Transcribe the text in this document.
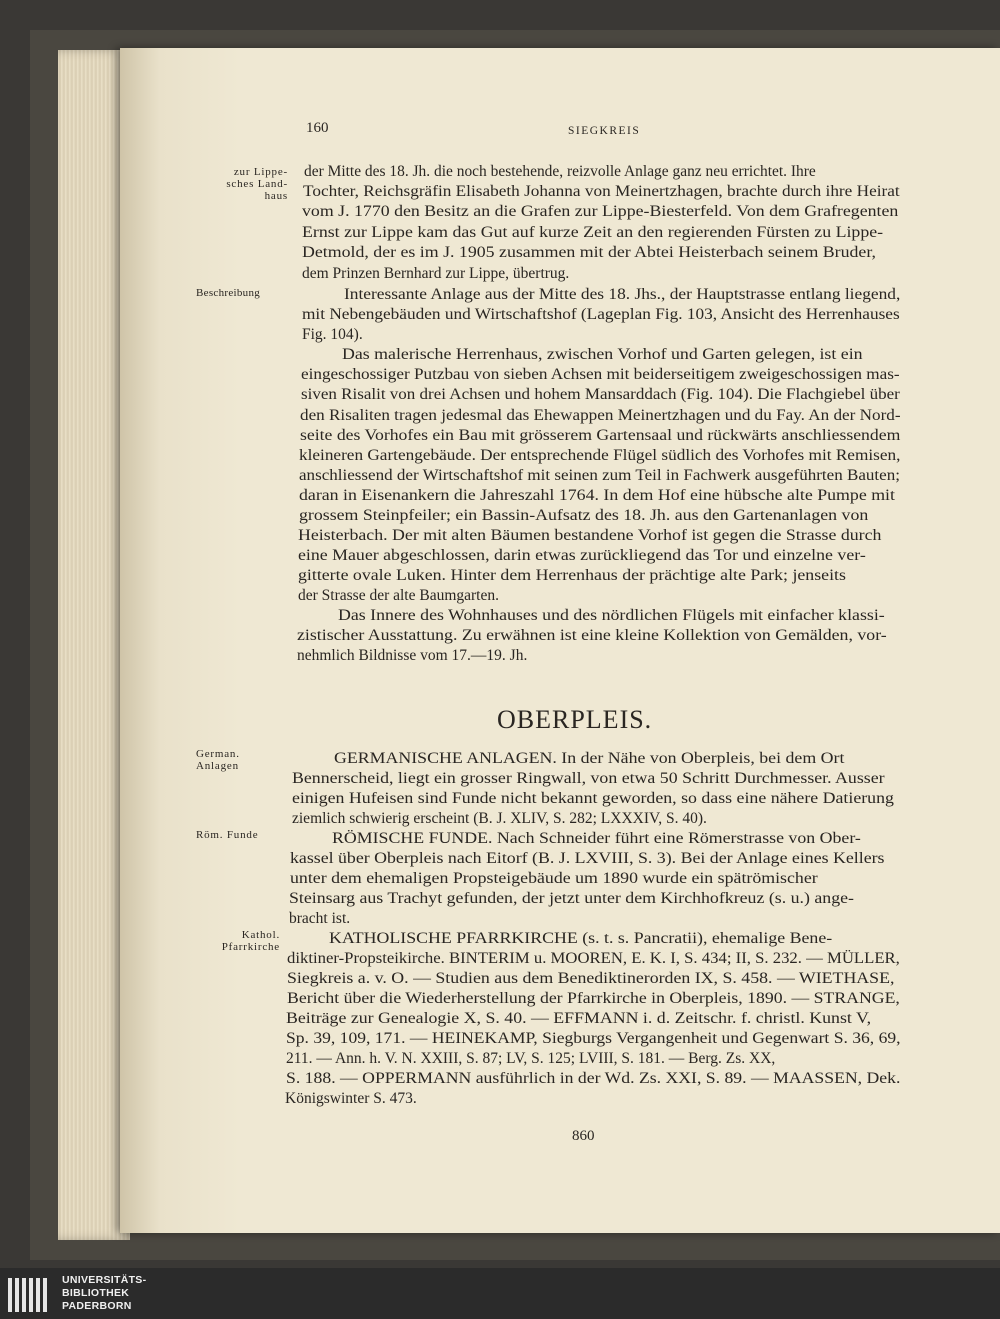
160	SIEGKREIS
zur Lippe-
sches Land-
haus
Beschreibung
German.
Anlagen
Röm. Funde
Kathol.
Pfarrkirche
der Mitte des 18. Jh. die noch bestehende, reizvolle Anlage ganz neu errichtet. Ihre
Tochter, Reichsgräfin Elisabeth Johanna von Meinertzhagen, brachte durch ihre Heirat
vom J. 1770 den Besitz an die Grafen zur Lippe-Biesterfeld. Von dem Grafregenten
Ernst zur Lippe kam das Gut auf kurze Zeit an den regierenden Fürsten zu Lippe-
Detmold, der es im J. 1905 zusammen mit der Abtei Heisterbach seinem Bruder,
dem Prinzen Bernhard zur Lippe, übertrug.
Interessante Anlage aus der Mitte des 18. Jhs., der Hauptstrasse entlang liegend,
mit Nebengebäuden und Wirtschaftshof (Lageplan Fig. 103, Ansicht des Herrenhauses
Fig. 104).
Das malerische Herrenhaus, zwischen Vorhof und Garten gelegen, ist ein
eingeschossiger Putzbau von sieben Achsen mit beiderseitigem zweigeschossigen mas-
siven Risalit von drei Achsen und hohem Mansarddach (Fig. 104). Die Flachgiebel über
den Risaliten tragen jedesmal das Ehewappen Meinertzhagen und du Fay. An der Nord-
seite des Vorhofes ein Bau mit grösserem Gartensaal und rückwärts anschliessendem
kleineren Gartengebäude. Der entsprechende Flügel südlich des Vorhofes mit Remisen,
anschliessend der Wirtschaftshof mit seinen zum Teil in Fachwerk ausgeführten Bauten;
daran in Eisenankern die Jahreszahl 1764. In dem Hof eine hübsche alte Pumpe mit
grossem Steinpfeiler; ein Bassin-Aufsatz des 18. Jh. aus den Gartenanlagen von
Heisterbach. Der mit alten Bäumen bestandene Vorhof ist gegen die Strasse durch
eine Mauer abgeschlossen, darin etwas zurückliegend das Tor und einzelne ver-
gitterte ovale Luken. Hinter dem Herrenhaus der prächtige alte Park; jenseits
der Strasse der alte Baumgarten.
Das Innere des Wohnhauses und des nördlichen Flügels mit einfacher klassi-
zistischer Ausstattung. Zu erwähnen ist eine kleine Kollektion von Gemälden, vor-
nehmlich Bildnisse vom 17.—19. Jh.
OBERPLEIS.
GERMANISCHE ANLAGEN. In der Nähe von Oberpleis, bei dem Ort
Bennerscheid, liegt ein grosser Ringwall, von etwa 50 Schritt Durchmesser. Ausser
einigen Hufeisen sind Funde nicht bekannt geworden, so dass eine nähere Datierung
ziemlich schwierig erscheint (B. J. XLIV, S. 282; LXXXIV, S. 40).
RÖMISCHE FUNDE. Nach Schneider führt eine Römerstrasse von Ober-
kassel über Oberpleis nach Eitorf (B. J. LXVIII, S. 3). Bei der Anlage eines Kellers
unter dem ehemaligen Propsteigebäude um 1890 wurde ein spätrömischer
Steinsarg aus Trachyt gefunden, der jetzt unter dem Kirchhofkreuz (s. u.) ange-
bracht ist.
KATHOLISCHE PFARRKIRCHE (s. t. s. Pancratii), ehemalige Bene-
diktiner-Propsteikirche. BINTERIM u. MOOREN, E. K. I, S. 434; II, S. 232. — MÜLLER,
Siegkreis a. v. O. — Studien aus dem Benediktinerorden IX, S. 458. — WIETHASE,
Bericht über die Wiederherstellung der Pfarrkirche in Oberpleis, 1890. — STRANGE,
Beiträge zur Genealogie X, S. 40. — EFFMANN i. d. Zeitschr. f. christl. Kunst V,
Sp. 39, 109, 171. — HEINEKAMP, Siegburgs Vergangenheit und Gegenwart S. 36, 69,
211. — Ann. h. V. N. XXIII, S. 87; LV, S. 125; LVIII, S. 181. — Berg. Zs. XX,
S. 188. — OPPERMANN ausführlich in der Wd. Zs. XXI, S. 89. — MAASSEN, Dek.
Königswinter S. 473.
860
UNIVERSITÄTS-
BIBLIOTHEK
PADERBORN
